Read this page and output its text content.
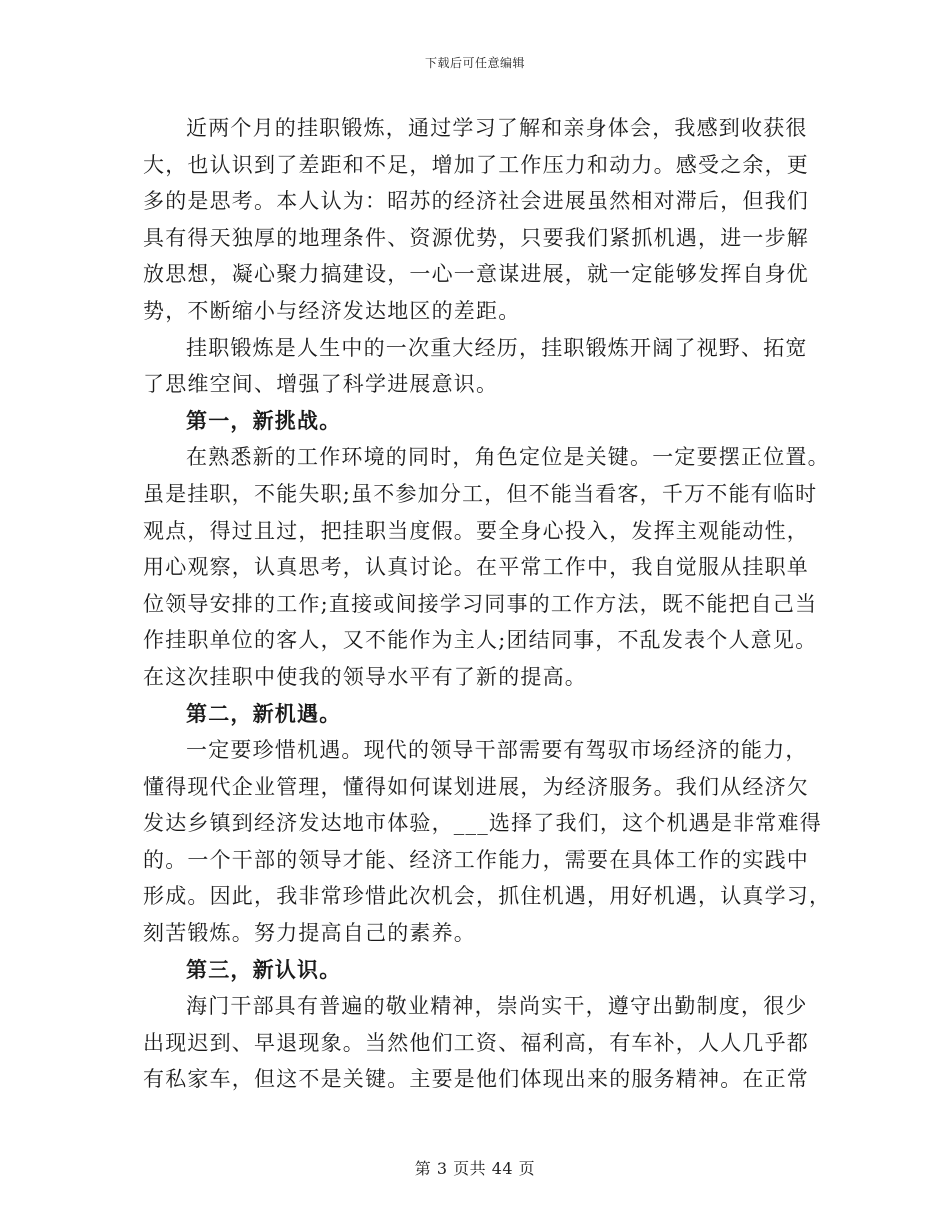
下载后可任意编辑
近两个月的挂职锻炼，通过学习了解和亲身体会，我感到收获很
大，也认识到了差距和不足，增加了工作压力和动力。感受之余，更
多的是思考。本人认为：昭苏的经济社会进展虽然相对滞后，但我们
具有得天独厚的地理条件、资源优势，只要我们紧抓机遇，进一步解
放思想，凝心聚力搞建设，一心一意谋进展，就一定能够发挥自身优
势，不断缩小与经济发达地区的差距。
挂职锻炼是人生中的一次重大经历，挂职锻炼开阔了视野、拓宽
了思维空间、增强了科学进展意识。
第一，新挑战。
在熟悉新的工作环境的同时，角色定位是关键。一定要摆正位置。
虽是挂职，不能失职;虽不参加分工，但不能当看客，千万不能有临时
观点，得过且过，把挂职当度假。要全身心投入，发挥主观能动性，
用心观察，认真思考，认真讨论。在平常工作中，我自觉服从挂职单
位领导安排的工作;直接或间接学习同事的工作方法，既不能把自己当
作挂职单位的客人，又不能作为主人;团结同事，不乱发表个人意见。
在这次挂职中使我的领导水平有了新的提高。
第二，新机遇。
一定要珍惜机遇。现代的领导干部需要有驾驭市场经济的能力，
懂得现代企业管理，懂得如何谋划进展，为经济服务。我们从经济欠
发达乡镇到经济发达地市体验，___选择了我们，这个机遇是非常难得
的。一个干部的领导才能、经济工作能力，需要在具体工作的实践中
形成。因此，我非常珍惜此次机会，抓住机遇，用好机遇，认真学习，
刻苦锻炼。努力提高自己的素养。
第三，新认识。
海门干部具有普遍的敬业精神，崇尚实干，遵守出勤制度，很少
出现迟到、早退现象。当然他们工资、福利高，有车补，人人几乎都
有私家车，但这不是关键。主要是他们体现出来的服务精神。在正常
第 3 页共 44 页
